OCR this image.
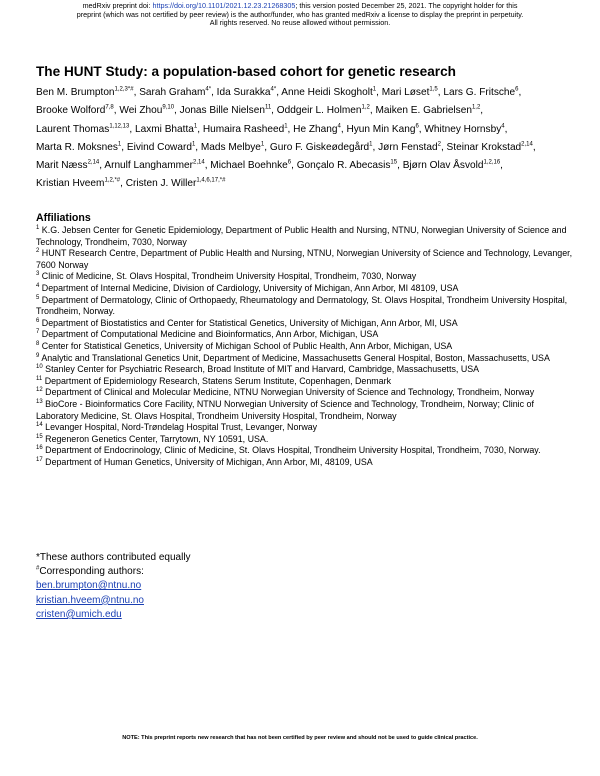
medRxiv preprint doi: https://doi.org/10.1101/2021.12.23.21268305; this version posted December 25, 2021. The copyright holder for this
preprint (which was not certified by peer review) is the author/funder, who has granted medRxiv a license to display the preprint in perpetuity.
All rights reserved. No reuse allowed without permission.
The HUNT Study: a population-based cohort for genetic research
Ben M. Brumpton$^{1,2,3*\#}$, Sarah Graham$^{4*}$, Ida Surakka$^{4*}$, Anne Heidi Skogholt$^1$, Mari Løset$^{1,5}$, Lars G. Fritsche$^6$, Brooke Wolford$^{7,8}$, Wei Zhou$^{9,10}$, Jonas Bille Nielsen$^{11}$, Oddgeir L. Holmen$^{1,2}$, Maiken E. Gabrielsen$^{1,2}$, Laurent Thomas$^{1,12,13}$, Laxmi Bhatta$^1$, Humaira Rasheed$^1$, He Zhang$^4$, Hyun Min Kang$^6$, Whitney Hornsby$^4$, Marta R. Moksnes$^1$, Eivind Coward$^1$, Mads Melbye$^1$, Guro F. Giskeødegård$^1$, Jørn Fenstad$^2$, Steinar Krokstad$^{2,14}$, Marit Næss$^{2,14}$, Arnulf Langhammer$^{2,14}$, Michael Boehnke$^6$, Gonçalo R. Abecasis$^{15}$, Bjørn Olav Åsvold$^{1,2,16}$, Kristian Hveem$^{1,2,*\#}$, Cristen J. Willer$^{1,4,6,17,*\#}$
Affiliations
$^1$ K.G. Jebsen Center for Genetic Epidemiology, Department of Public Health and Nursing, NTNU, Norwegian University of Science and Technology, Trondheim, 7030, Norway
$^2$ HUNT Research Centre, Department of Public Health and Nursing, NTNU, Norwegian University of Science and Technology, Levanger, 7600 Norway
$^3$ Clinic of Medicine, St. Olavs Hospital, Trondheim University Hospital, Trondheim, 7030, Norway
$^4$ Department of Internal Medicine, Division of Cardiology, University of Michigan, Ann Arbor, MI 48109, USA
$^5$ Department of Dermatology, Clinic of Orthopaedy, Rheumatology and Dermatology, St. Olavs Hospital, Trondheim University Hospital, Trondheim, Norway.
$^6$ Department of Biostatistics and Center for Statistical Genetics, University of Michigan, Ann Arbor, MI, USA
$^7$ Department of Computational Medicine and Bioinformatics, Ann Arbor, Michigan, USA
$^8$ Center for Statistical Genetics, University of Michigan School of Public Health, Ann Arbor, Michigan, USA
$^9$ Analytic and Translational Genetics Unit, Department of Medicine, Massachusetts General Hospital, Boston, Massachusetts, USA
$^{10}$ Stanley Center for Psychiatric Research, Broad Institute of MIT and Harvard, Cambridge, Massachusetts, USA
$^{11}$ Department of Epidemiology Research, Statens Serum Institute, Copenhagen, Denmark
$^{12}$ Department of Clinical and Molecular Medicine, NTNU Norwegian University of Science and Technology, Trondheim, Norway
$^{13}$ BioCore - Bioinformatics Core Facility, NTNU Norwegian University of Science and Technology, Trondheim, Norway; Clinic of Laboratory Medicine, St. Olavs Hospital, Trondheim University Hospital, Trondheim, Norway
$^{14}$ Levanger Hospital, Nord-Trøndelag Hospital Trust, Levanger, Norway
$^{15}$ Regeneron Genetics Center, Tarrytown, NY 10591, USA.
$^{16}$ Department of Endocrinology, Clinic of Medicine, St. Olavs Hospital, Trondheim University Hospital, Trondheim, 7030, Norway.
$^{17}$ Department of Human Genetics, University of Michigan, Ann Arbor, MI, 48109, USA
*These authors contributed equally
#Corresponding authors:
ben.brumpton@ntnu.no
kristian.hveem@ntnu.no
cristen@umich.edu
NOTE: This preprint reports new research that has not been certified by peer review and should not be used to guide clinical practice.
